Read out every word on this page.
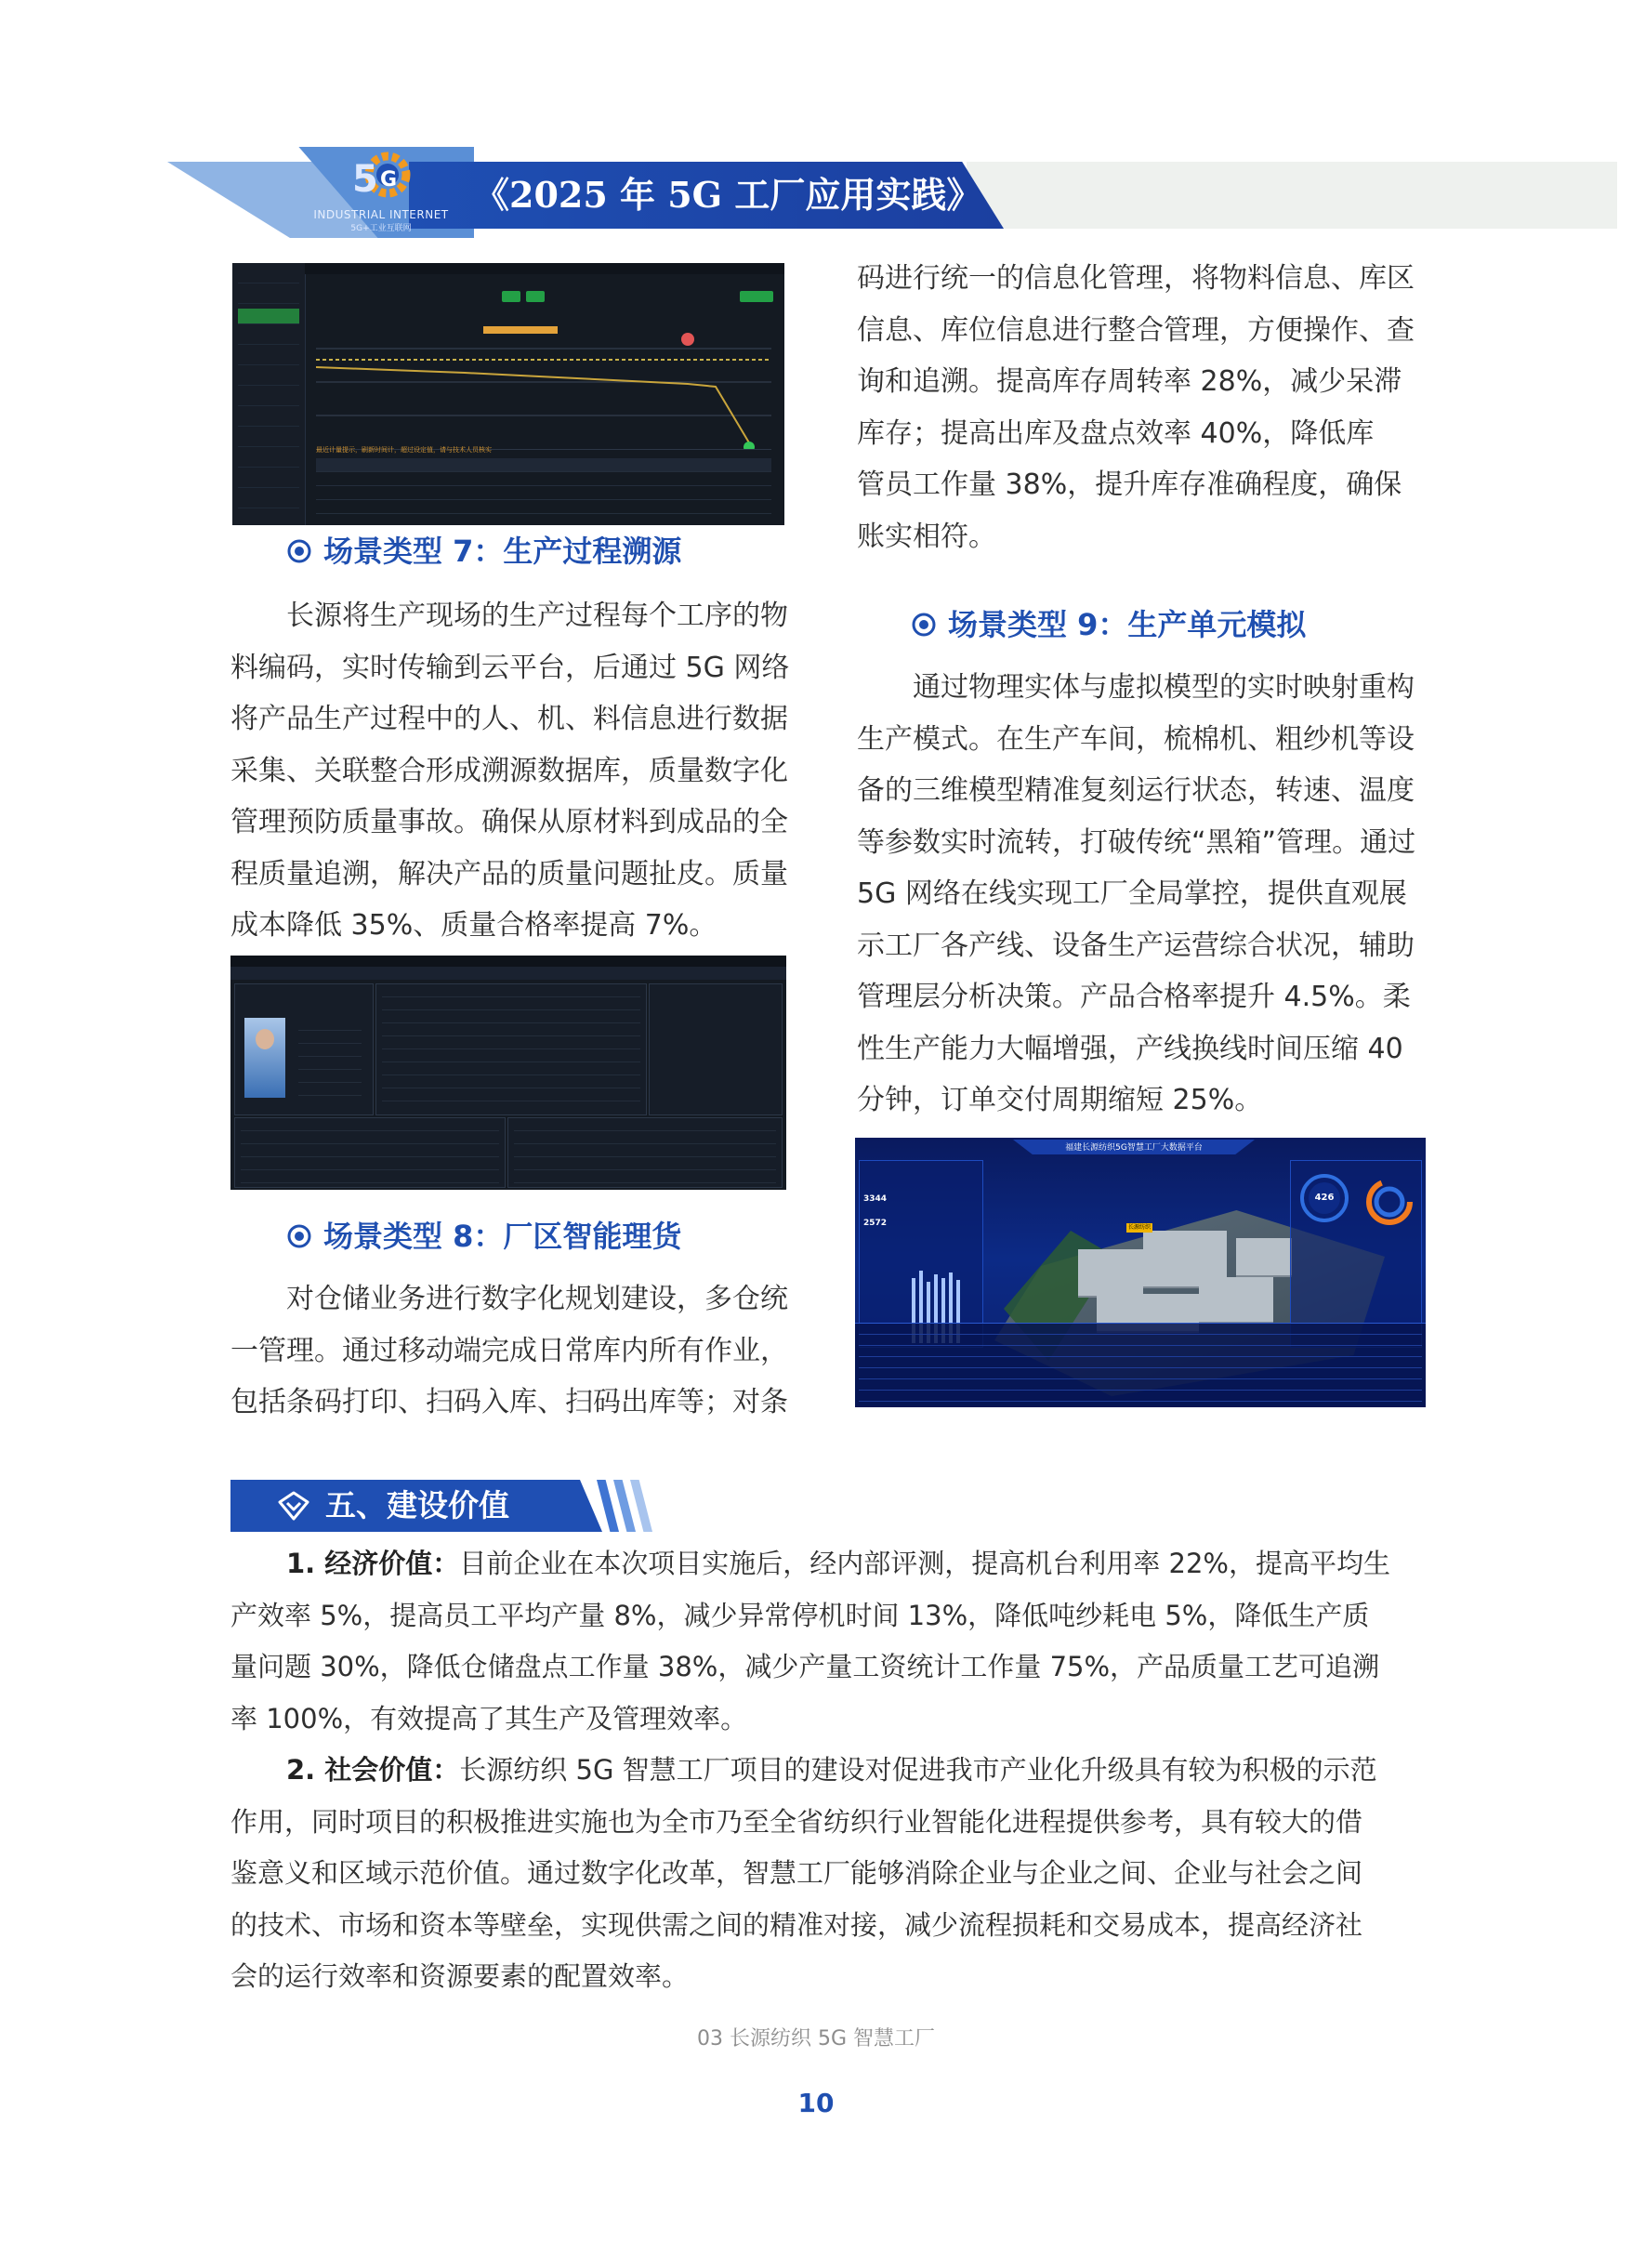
5 G
INDUSTRIAL INTERNET
5G+工业互联网
《2025 年 5G 工厂应用实践》
最近计量提示，刷新时间计，超过设定值，请与技术人员核实
场景类型 7：生产过程溯源
长源将生产现场的生产过程每个工序的物
料编码，实时传输到云平台，后通过 5G 网络
将产品生产过程中的人、机、料信息进行数据
采集、关联整合形成溯源数据库，质量数字化
管理预防质量事故。确保从原材料到成品的全
程质量追溯，解决产品的质量问题扯皮。质量
成本降低 35%、质量合格率提高 7%。
场景类型 8：厂区智能理货
对仓储业务进行数字化规划建设，多仓统
一管理。通过移动端完成日常库内所有作业，
包括条码打印、扫码入库、扫码出库等；对条
码进行统一的信息化管理，将物料信息、库区
信息、库位信息进行整合管理，方便操作、查
询和追溯。提高库存周转率 28%，减少呆滞
库存；提高出库及盘点效率 40%，降低库
管员工作量 38%，提升库存准确程度，确保
账实相符。
场景类型 9：生产单元模拟
通过物理实体与虚拟模型的实时映射重构
生产模式。在生产车间，梳棉机、粗纱机等设
备的三维模型精准复刻运行状态，转速、温度
等参数实时流转，打破传统“黑箱”管理。通过
5G 网络在线实现工厂全局掌控，提供直观展
示工厂各产线、设备生产运营综合状况，辅助
管理层分析决策。产品合格率提升 4.5%。柔
性生产能力大幅增强，产线换线时间压缩 40
分钟，订单交付周期缩短 25%。
福建长源纺织5G智慧工厂大数据平台
3344
2572	长源纺织
426
五、建设价值
1. 经济价值：目前企业在本次项目实施后，经内部评测，提高机台利用率 22%，提高平均生
产效率 5%，提高员工平均产量 8%，减少异常停机时间 13%，降低吨纱耗电 5%，降低生产质
量问题 30%，降低仓储盘点工作量 38%，减少产量工资统计工作量 75%，产品质量工艺可追溯
率 100%，有效提高了其生产及管理效率。
2. 社会价值：长源纺织 5G 智慧工厂项目的建设对促进我市产业化升级具有较为积极的示范
作用，同时项目的积极推进实施也为全市乃至全省纺织行业智能化进程提供参考，具有较大的借
鉴意义和区域示范价值。通过数字化改革，智慧工厂能够消除企业与企业之间、企业与社会之间
的技术、市场和资本等壁垒，实现供需之间的精准对接，减少流程损耗和交易成本，提高经济社
会的运行效率和资源要素的配置效率。
03 长源纺织 5G 智慧工厂
10
